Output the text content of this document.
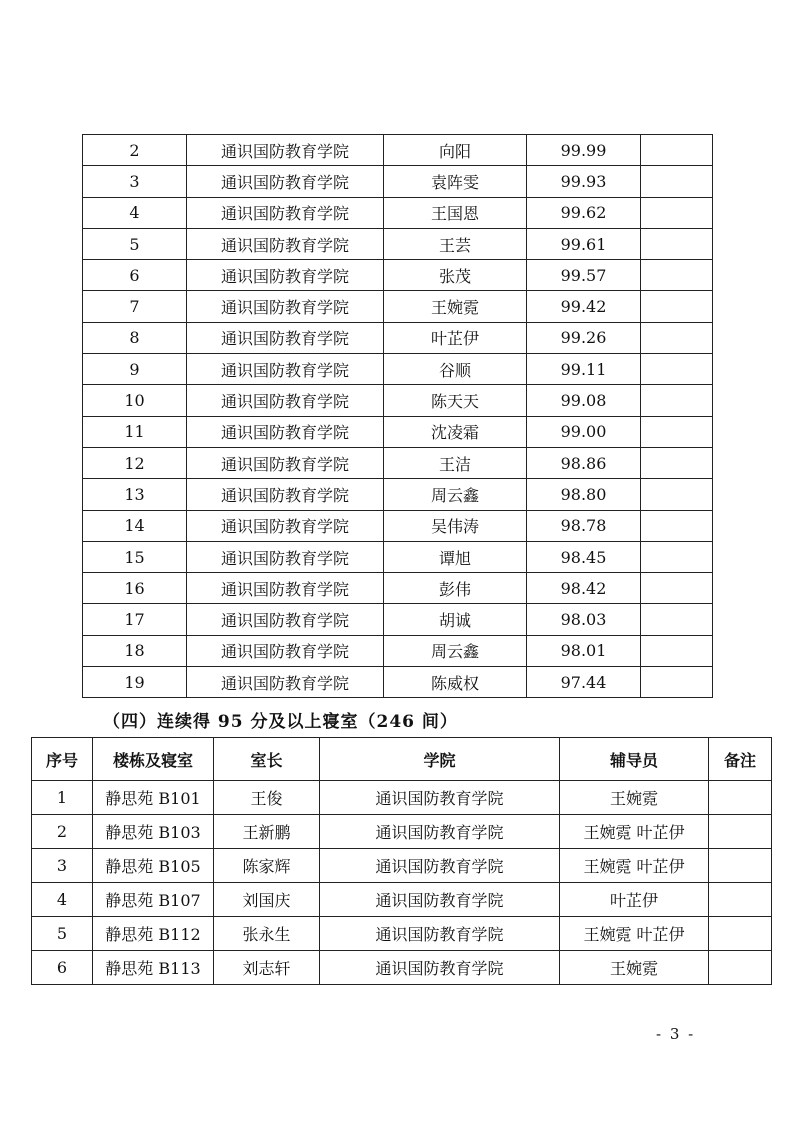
2	通识国防教育学院	向阳	99.99	
3	通识国防教育学院	袁阵雯	99.93	
4	通识国防教育学院	王国恩	99.62	
5	通识国防教育学院	王芸	99.61	
6	通识国防教育学院	张茂	99.57	
7	通识国防教育学院	王婉霓	99.42	
8	通识国防教育学院	叶芷伊	99.26	
9	通识国防教育学院	谷顺	99.11	
10	通识国防教育学院	陈天天	99.08	
11	通识国防教育学院	沈凌霜	99.00	
12	通识国防教育学院	王洁	98.86	
13	通识国防教育学院	周云鑫	98.80	
14	通识国防教育学院	吴伟涛	98.78	
15	通识国防教育学院	谭旭	98.45	
16	通识国防教育学院	彭伟	98.42	
17	通识国防教育学院	胡诚	98.03	
18	通识国防教育学院	周云鑫	98.01	
19	通识国防教育学院	陈威权	97.44	

（四）连续得 95 分及以上寝室（246 间）

序号	楼栋及寝室	室长	学院	辅导员	备注
1	静思苑 B101	王俊	通识国防教育学院	王婉霓	
2	静思苑 B103	王新鹏	通识国防教育学院	王婉霓 叶芷伊	
3	静思苑 B105	陈家辉	通识国防教育学院	王婉霓 叶芷伊	
4	静思苑 B107	刘国庆	通识国防教育学院	叶芷伊	
5	静思苑 B112	张永生	通识国防教育学院	王婉霓 叶芷伊	
6	静思苑 B113	刘志轩	通识国防教育学院	王婉霓	
- 3 -
